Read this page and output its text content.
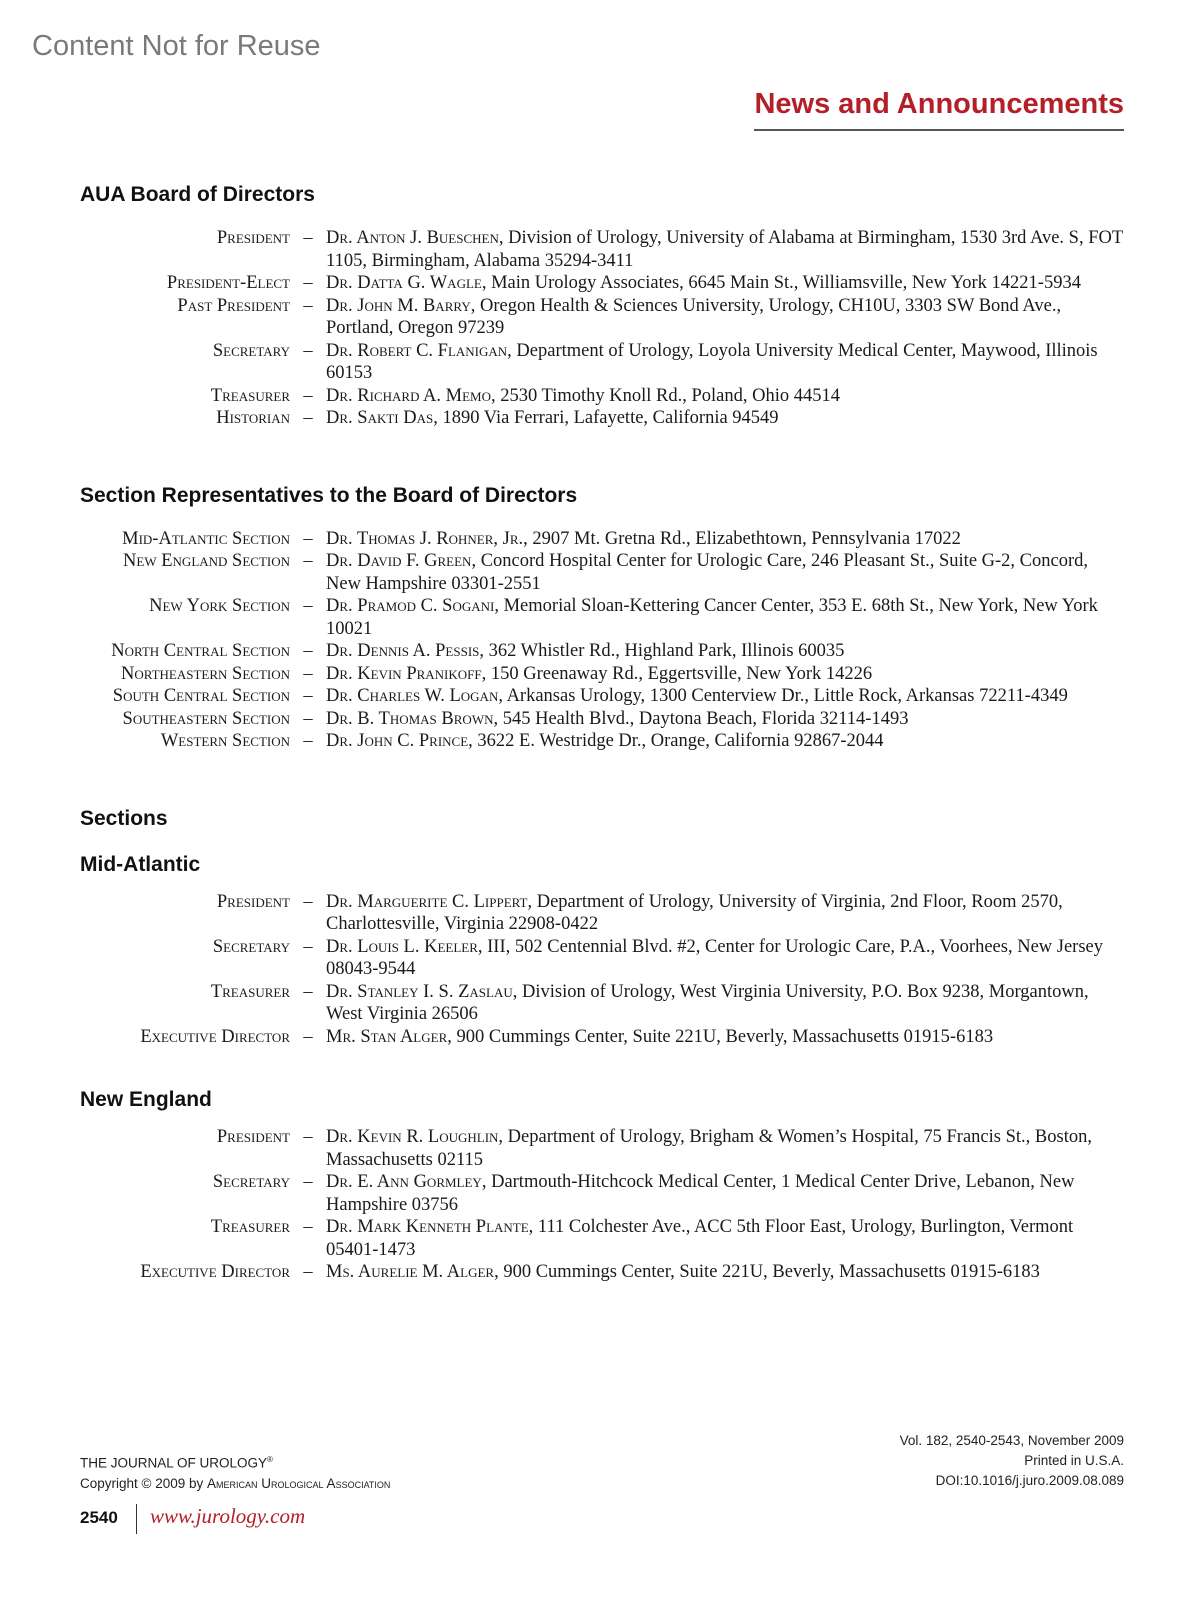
Content Not for Reuse
News and Announcements
AUA Board of Directors
President	–	Dr. Anton J. Bueschen, Division of Urology, University of Alabama at Birmingham, 1530 3rd Ave. S, FOT 1105, Birmingham, Alabama 35294-3411
President-Elect	–	Dr. Datta G. Wagle, Main Urology Associates, 6645 Main St., Williamsville, New York 14221-5934
Past President	–	Dr. John M. Barry, Oregon Health & Sciences University, Urology, CH10U, 3303 SW Bond Ave., Portland, Oregon 97239
Secretary	–	Dr. Robert C. Flanigan, Department of Urology, Loyola University Medical Center, Maywood, Illinois 60153
Treasurer	–	Dr. Richard A. Memo, 2530 Timothy Knoll Rd., Poland, Ohio 44514
Historian	–	Dr. Sakti Das, 1890 Via Ferrari, Lafayette, California 94549
Section Representatives to the Board of Directors
Mid-Atlantic Section	–	Dr. Thomas J. Rohner, Jr., 2907 Mt. Gretna Rd., Elizabethtown, Pennsylvania 17022
New England Section	–	Dr. David F. Green, Concord Hospital Center for Urologic Care, 246 Pleasant St., Suite G-2, Concord, New Hampshire 03301-2551
New York Section	–	Dr. Pramod C. Sogani, Memorial Sloan-Kettering Cancer Center, 353 E. 68th St., New York, New York 10021
North Central Section	–	Dr. Dennis A. Pessis, 362 Whistler Rd., Highland Park, Illinois 60035
Northeastern Section	–	Dr. Kevin Pranikoff, 150 Greenaway Rd., Eggertsville, New York 14226
South Central Section	–	Dr. Charles W. Logan, Arkansas Urology, 1300 Centerview Dr., Little Rock, Arkansas 72211-4349
Southeastern Section	–	Dr. B. Thomas Brown, 545 Health Blvd., Daytona Beach, Florida 32114-1493
Western Section	–	Dr. John C. Prince, 3622 E. Westridge Dr., Orange, California 92867-2044
Sections
Mid-Atlantic
President	–	Dr. Marguerite C. Lippert, Department of Urology, University of Virginia, 2nd Floor, Room 2570, Charlottesville, Virginia 22908-0422
Secretary	–	Dr. Louis L. Keeler, III, 502 Centennial Blvd. #2, Center for Urologic Care, P.A., Voorhees, New Jersey 08043-9544
Treasurer	–	Dr. Stanley I. S. Zaslau, Division of Urology, West Virginia University, P.O. Box 9238, Morgantown, West Virginia 26506
Executive Director	–	Mr. Stan Alger, 900 Cummings Center, Suite 221U, Beverly, Massachusetts 01915-6183
New England
President	–	Dr. Kevin R. Loughlin, Department of Urology, Brigham & Women’s Hospital, 75 Francis St., Boston, Massachusetts 02115
Secretary	–	Dr. E. Ann Gormley, Dartmouth-Hitchcock Medical Center, 1 Medical Center Drive, Lebanon, New Hampshire 03756
Treasurer	–	Dr. Mark Kenneth Plante, 111 Colchester Ave., ACC 5th Floor East, Urology, Burlington, Vermont 05401-1473
Executive Director	–	Ms. Aurelie M. Alger, 900 Cummings Center, Suite 221U, Beverly, Massachusetts 01915-6183
THE JOURNAL OF UROLOGY®
Copyright © 2009 by American Urological Association
Vol. 182, 2540-2543, November 2009
Printed in U.S.A.
DOI:10.1016/j.juro.2009.08.089
2540 www.jurology.com
